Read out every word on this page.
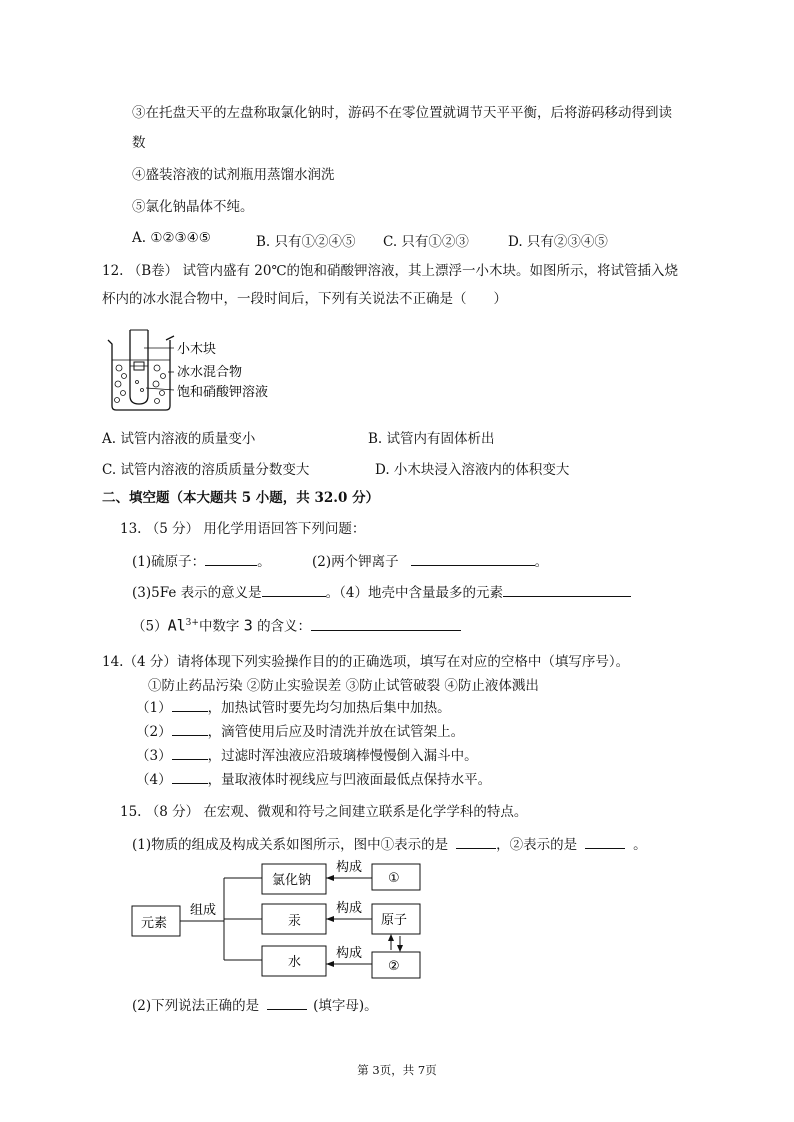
③在托盘天平的左盘称取氯化钠时，游码不在零位置就调节天平平衡，后将游码移动得到读
数
④盛装溶液的试剂瓶用蒸馏水润洗
⑤氯化钠晶体不纯。
A. ①②③④⑤	B. 只有①②④⑤ C. 只有①②③	D. 只有②③④⑤
12. （B卷） 试管内盛有 20℃的饱和硝酸钾溶液，其上漂浮一小木块。如图所示，将试管插入烧
杯内的冰水混合物中，一段时间后，下列有关说法不正确是（　　）
小木块
冰水混合物
饱和硝酸钾溶液
A. 试管内溶液的质量变小	B. 试管内有固体析出
C. 试管内溶液的溶质质量分数变大	D. 小木块浸入溶液内的体积变大
二、填空题（本大题共 5 小题，共 32.0 分）
13. （5 分） 用化学用语回答下列问题：
(1)硫原子：	。	(2)两个钾离子	。
(3)5Fe 表示的意义是	。（4）地壳中含量最多的元素
$(5)Al^{3+}$中数字 3 的含义：
14.（4 分）请将体现下列实验操作目的的正确选项，填写在对应的空格中（填写序号）。
①防止药品污染 ②防止实验误差 ③防止试管破裂 ④防止液体溅出
（1）	，加热试管时要先均匀加热后集中加热。
（2）	，滴管使用后应及时清洗并放在试管架上。
（3）	，过滤时浑浊液应沿玻璃棒慢慢倒入漏斗中。
（4）	，量取液体时视线应与凹液面最低点保持水平。
15. （8 分） 在宏观、微观和符号之间建立联系是化学学科的特点。
(1)物质的组成及构成关系如图所示，图中①表示的是	，②表示的是	。
元素
组成
氯化钠
汞
水
①
原子
②
构成
构成
构成
(2)下列说法正确的是	(填字母)。
第 3页，共 7页
